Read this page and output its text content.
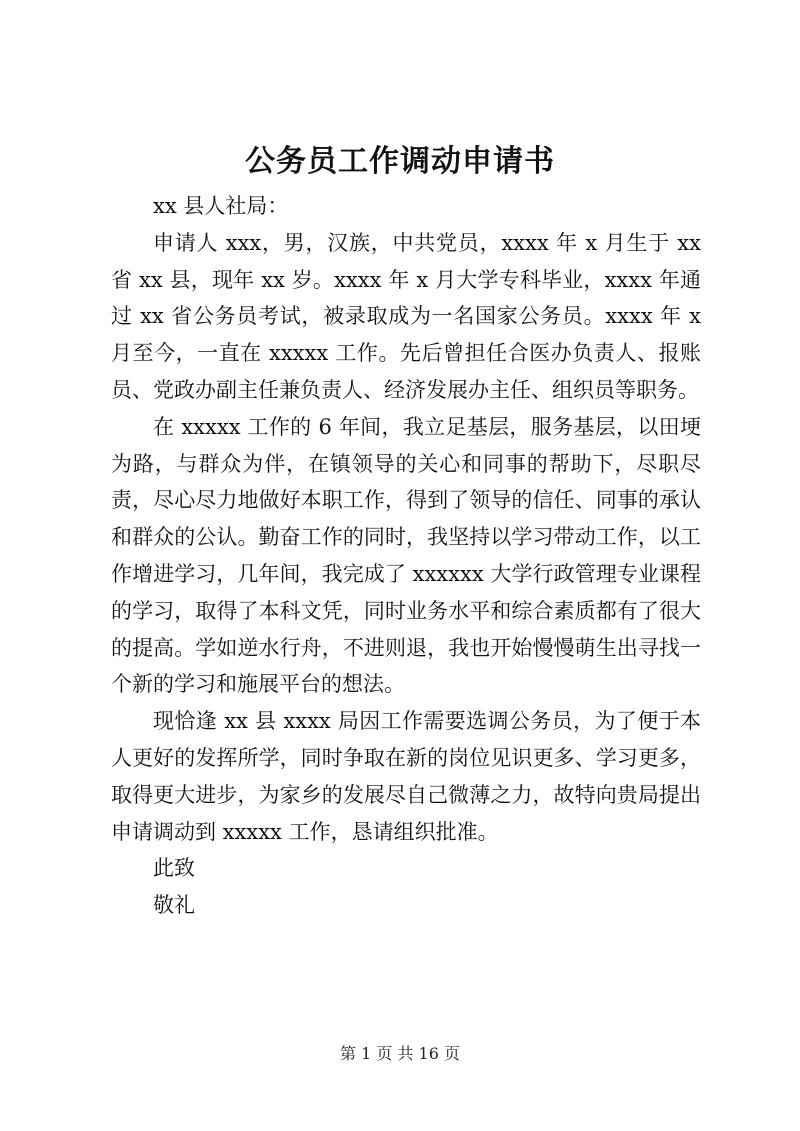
公务员工作调动申请书

xx 县人社局：

申请人 xxx，男，汉族，中共党员，xxxx 年 x 月生于 xx 省 xx 县，现年 xx 岁。xxxx 年 x 月大学专科毕业，xxxx 年通过 xx 省公务员考试，被录取成为一名国家公务员。xxxx 年 x 月至今，一直在 xxxxx 工作。先后曾担任合医办负责人、报账员、党政办副主任兼负责人、经济发展办主任、组织员等职务。

在 xxxxx 工作的 6 年间，我立足基层，服务基层，以田埂为路，与群众为伴，在镇领导的关心和同事的帮助下，尽职尽责，尽心尽力地做好本职工作，得到了领导的信任、同事的承认和群众的公认。勤奋工作的同时，我坚持以学习带动工作，以工作增进学习，几年间，我完成了 xxxxxx 大学行政管理专业课程的学习，取得了本科文凭，同时业务水平和综合素质都有了很大的提高。学如逆水行舟，不进则退，我也开始慢慢萌生出寻找一个新的学习和施展平台的想法。

现恰逢 xx 县 xxxx 局因工作需要选调公务员，为了便于本人更好的发挥所学，同时争取在新的岗位见识更多、学习更多，取得更大进步，为家乡的发展尽自己微薄之力，故特向贵局提出申请调动到 xxxxx 工作，恳请组织批准。

此致

敬礼

第 1 页 共 16 页
